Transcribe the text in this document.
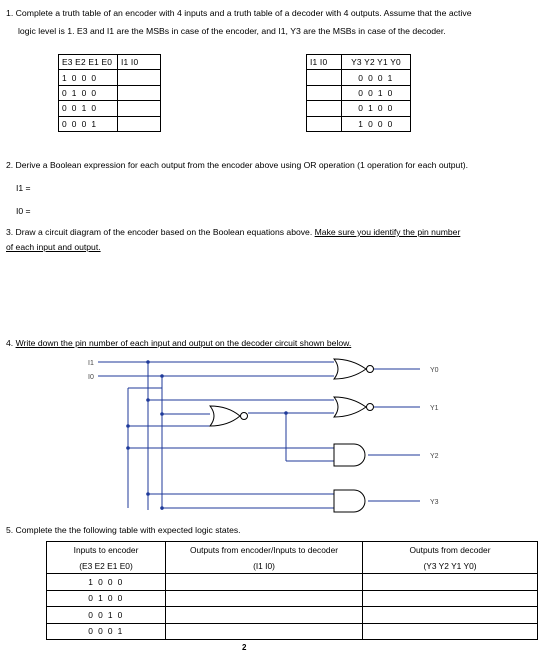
1. Complete a truth table of an encoder with 4 inputs and a truth table of a decoder with 4 outputs. Assume that the active
logic level is 1. E3 and I1 are the MSBs in case of the encoder, and I1, Y3 are the MSBs in case of the decoder.
E3 E2 E1 E0	I1 I0
1 0 0 0	
0 1 0 0	
0 0 1 0	
0 0 0 1	
I1 I0	Y3 Y2 Y1 Y0
	0 0 0 1
	0 0 1 0
	0 1 0 0
	1 0 0 0
2. Derive a Boolean expression for each output from the encoder above using OR operation (1 operation for each output).
I1 =
I0 =
3. Draw a circuit diagram of the encoder based on the Boolean equations above. Make sure you identify the pin number
of each input and output.
4. Write down the pin number of each input and output on the decoder circuit shown below.
I1
I0
Y0
Y1
Y2
Y3
5. Complete the the following table with expected logic states.
Inputs to encoder	Outputs from encoder/Inputs to decoder	Outputs from decoder
(E3 E2 E1 E0)	(I1 I0)	(Y3 Y2 Y1 Y0)
1 0 0 0		
0 1 0 0		
0 0 1 0		
0 0 0 1		
2
